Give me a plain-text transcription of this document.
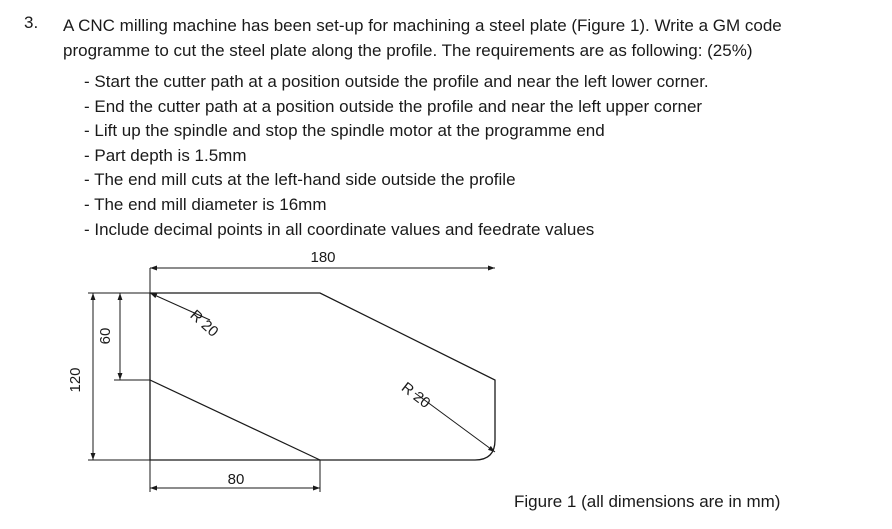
3. A CNC milling machine has been set-up for machining a steel plate (Figure 1). Write a GM code programme to cut the steel plate along the profile. The requirements are as following: (25%)
- Start the cutter path at a position outside the profile and near the left lower corner.
- End the cutter path at a position outside the profile and near the left upper corner
- Lift up the spindle and stop the spindle motor at the programme end
- Part depth is 1.5mm
- The end mill cuts at the left-hand side outside the profile
- The end mill diameter is 16mm
- Include decimal points in all coordinate values and feedrate values
180
80
120
60	R 20
R 20
Figure 1 (all dimensions are in mm)
